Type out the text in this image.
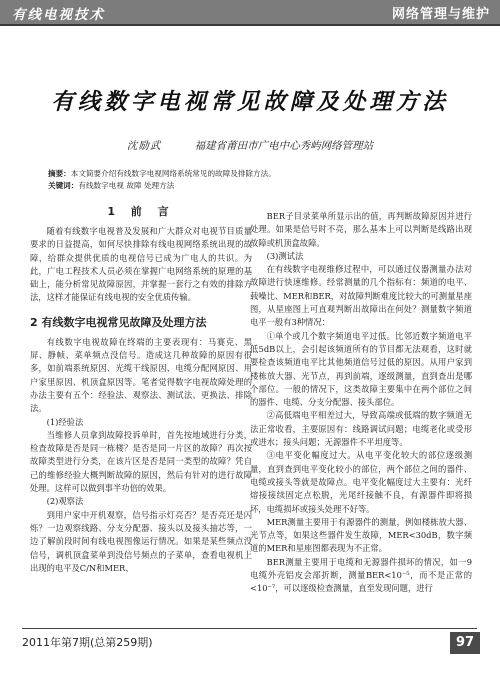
有线电视技术	网络管理与维护
有线数字电视常见故障及处理方法
沈励武	福建省莆田市广电中心秀屿网络管理站
摘要：本文简要介绍有线数字电视网络系统常见的故障及排除方法。
关键词：有线数字电视 故障 处理方法
1 前 言

随着有线数字电视普及发展和广大群众对电视节目质量要求的日益提高，如何尽快排除有线电视网络系统出现的故障，给群众提供优质的电视信号已成为广电人的共识。为此，广电工程技术人员必须在掌握广电网络系统的原理的基础上，能分析常见故障原因，并掌握一套行之有效的排除方法，这样才能保证有线电视的安全优质传输。

2 有线数字电视常见故障及处理方法

有线数字电视故障在终端的主要表现有：马赛克、黑屏、静帧、菜单频点没信号。造成这几种故障的原因有很多，如前端系统原因、光缆干线原因、电缆分配网原因、用户家里原因、机顶盒原因等。笔者觉得数字电视故障处理的办法主要有五个：经验法、观察法、测试法、更换法、排除法。

(1)经验法

当维修人员拿到故障投诉单时，首先按地域进行分类，检查故障是否是同一栋楼？是否是同一片区的故障？再次按故障类型进行分类，在该片区是否是同一类型的故障？凭自己的维修经验大概判断故障的原因，然后有针对的进行故障处理。这样可以做到事半功倍的效果。

(2)观察法

到用户家中开机观察，信号指示灯亮否？是否亮还是闪烁？一边观察线路、分支分配器、接头以及接头抽芯等，一边了解前段时间有线电视图像运行情况。如果是某些频点没信号，调机顶盒菜单到没信号频点的子菜单，查看电视机上出现的电平及C/N和MER、

BER子目录菜单所显示出的值，再判断故障原因并进行处理。如果是信号时不亮，那么基本上可以判断是线路出现故障或机顶盒故障。

(3)测试法

在有线数字电视维修过程中，可以通过仪器测量办法对故障进行快速维修。经常测量的几个指标有：频道的电平、载噪比、MER和BER，对故障判断难度比较大的可测量星座图，从星座图上可直观判断出故障出在何处？测量数字频道电平一般有3种情况：

①单个或几个数字频道电平过低。比邻近数字频道电平低5dB以上，会引起该频道所有的节目都无法观看，这时就要检查该频道电平比其他频道信号过低的原因。从用户家到楼栋放大器、光节点，再到前端，逐级测量，直到查出是哪个部位。一般的情况下，这类故障主要集中在两个部位之间的器件、电缆、分支分配器、接头部位。

②高低端电平相差过大，导致高端或低端的数字频道无法正常收看，主要原因有：线路调试问题；电缆老化或受形或进水；接头问题；无源器件不平坦度等。

③电平变化幅度过大。从电平变化较大的部位逐级测量，直到查到电平变化较小的部位，两个部位之间的器件、电缆或接头等就是故障点。电平变化幅度过大主要有：光纤熔接接续固定点松脱，光尾纤接触不良，有源器件即将损坏，电缆损坏或接头处理不好等。

MER测量主要用于有源器件的测量，例如楼栋放大器、光节点等，如果这些器件发生故障，MER<30dB，数字频道的MER和星座图都表现为不正常。

BER测量主要用于电缆和无源器件损坏的情况，如一9电缆外壳铝皮会部折断，测量BER<10⁻⁵，而不是正常的<10⁻⁷，可以逐级检查测量，直至发现问题，进行

2011年第7期(总第259期)	97
